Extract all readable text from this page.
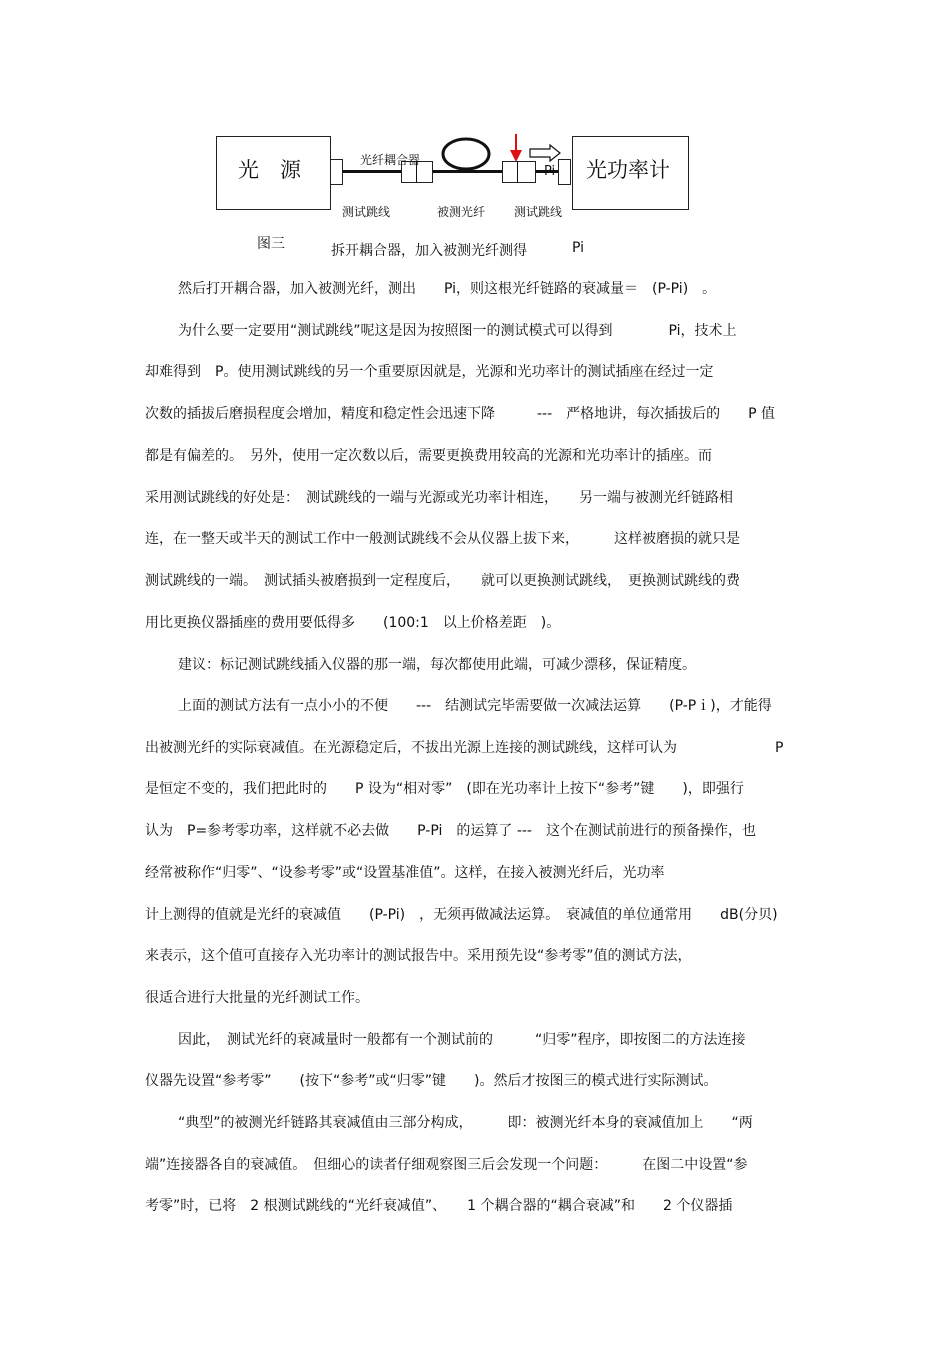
光　源	光纤耦合器
Pi 光功率计
测试跳线	被测光纤 测试跳线
图三	拆开耦合器，加入被测光纤测得	Pi
然后打开耦合器，加入被测光纤，测出　　Pi，则这根光纤链路的衰减量＝　(P-Pi)　。
为什么要一定要用“测试跳线”呢这是因为按照图一的测试模式可以得到　　　　Pi，技术上
却难得到　P。使用测试跳线的另一个重要原因就是，光源和光功率计的测试插座在经过一定
次数的插拔后磨损程度会增加，精度和稳定性会迅速下降　　　---　严格地讲，每次插拔后的　　P 值
都是有偏差的。　另外，使用一定次数以后，需要更换费用较高的光源和光功率计的插座。而
采用测试跳线的好处是：　测试跳线的一端与光源或光功率计相连，　　另一端与被测光纤链路相
连，在一整天或半天的测试工作中一般测试跳线不会从仪器上拔下来，　　　这样被磨损的就只是
测试跳线的一端。　测试插头被磨损到一定程度后，　　就可以更换测试跳线，　更换测试跳线的费
用比更换仪器插座的费用要低得多　　(100:1　以上价格差距　)。
建议：标记测试跳线插入仪器的那一端，每次都使用此端，可减少漂移，保证精度。
上面的测试方法有一点小小的不便　　---　结测试完毕需要做一次减法运算　　(P-Pｉ)，才能得
出被测光纤的实际衰减值。在光源稳定后，不拔出光源上连接的测试跳线，这样可认为　　　　　　　P
是恒定不变的，我们把此时的　　P 设为“相对零”　(即在光功率计上按下“参考”键　　)，即强行
认为　P=参考零功率，这样就不必去做　　P-Pi　的运算了 ---　这个在测试前进行的预备操作，也
经常被称作“归零”、“设参考零”或“设置基准值”。这样，在接入被测光纤后，光功率
计上测得的值就是光纤的衰减值　　(P-Pi)　，无须再做减法运算。　衰减值的单位通常用　　dB(分贝)
来表示，这个值可直接存入光功率计的测试报告中。采用预先设“参考零”值的测试方法，
很适合进行大批量的光纤测试工作。
因此，　测试光纤的衰减量时一般都有一个测试前的　　　“归零”程序，即按图二的方法连接
仪器先设置“参考零”　　(按下“参考”或“归零”键　　)。然后才按图三的模式进行实际测试。
“典型”的被测光纤链路其衰减值由三部分构成，　　　即：被测光纤本身的衰减值加上　　“两
端”连接器各自的衰减值。　但细心的读者仔细观察图三后会发现一个问题：　　　在图二中设置“参
考零”时，已将　2 根测试跳线的“光纤衰减值”、　　1 个耦合器的“耦合衰减”和　　2 个仪器插
